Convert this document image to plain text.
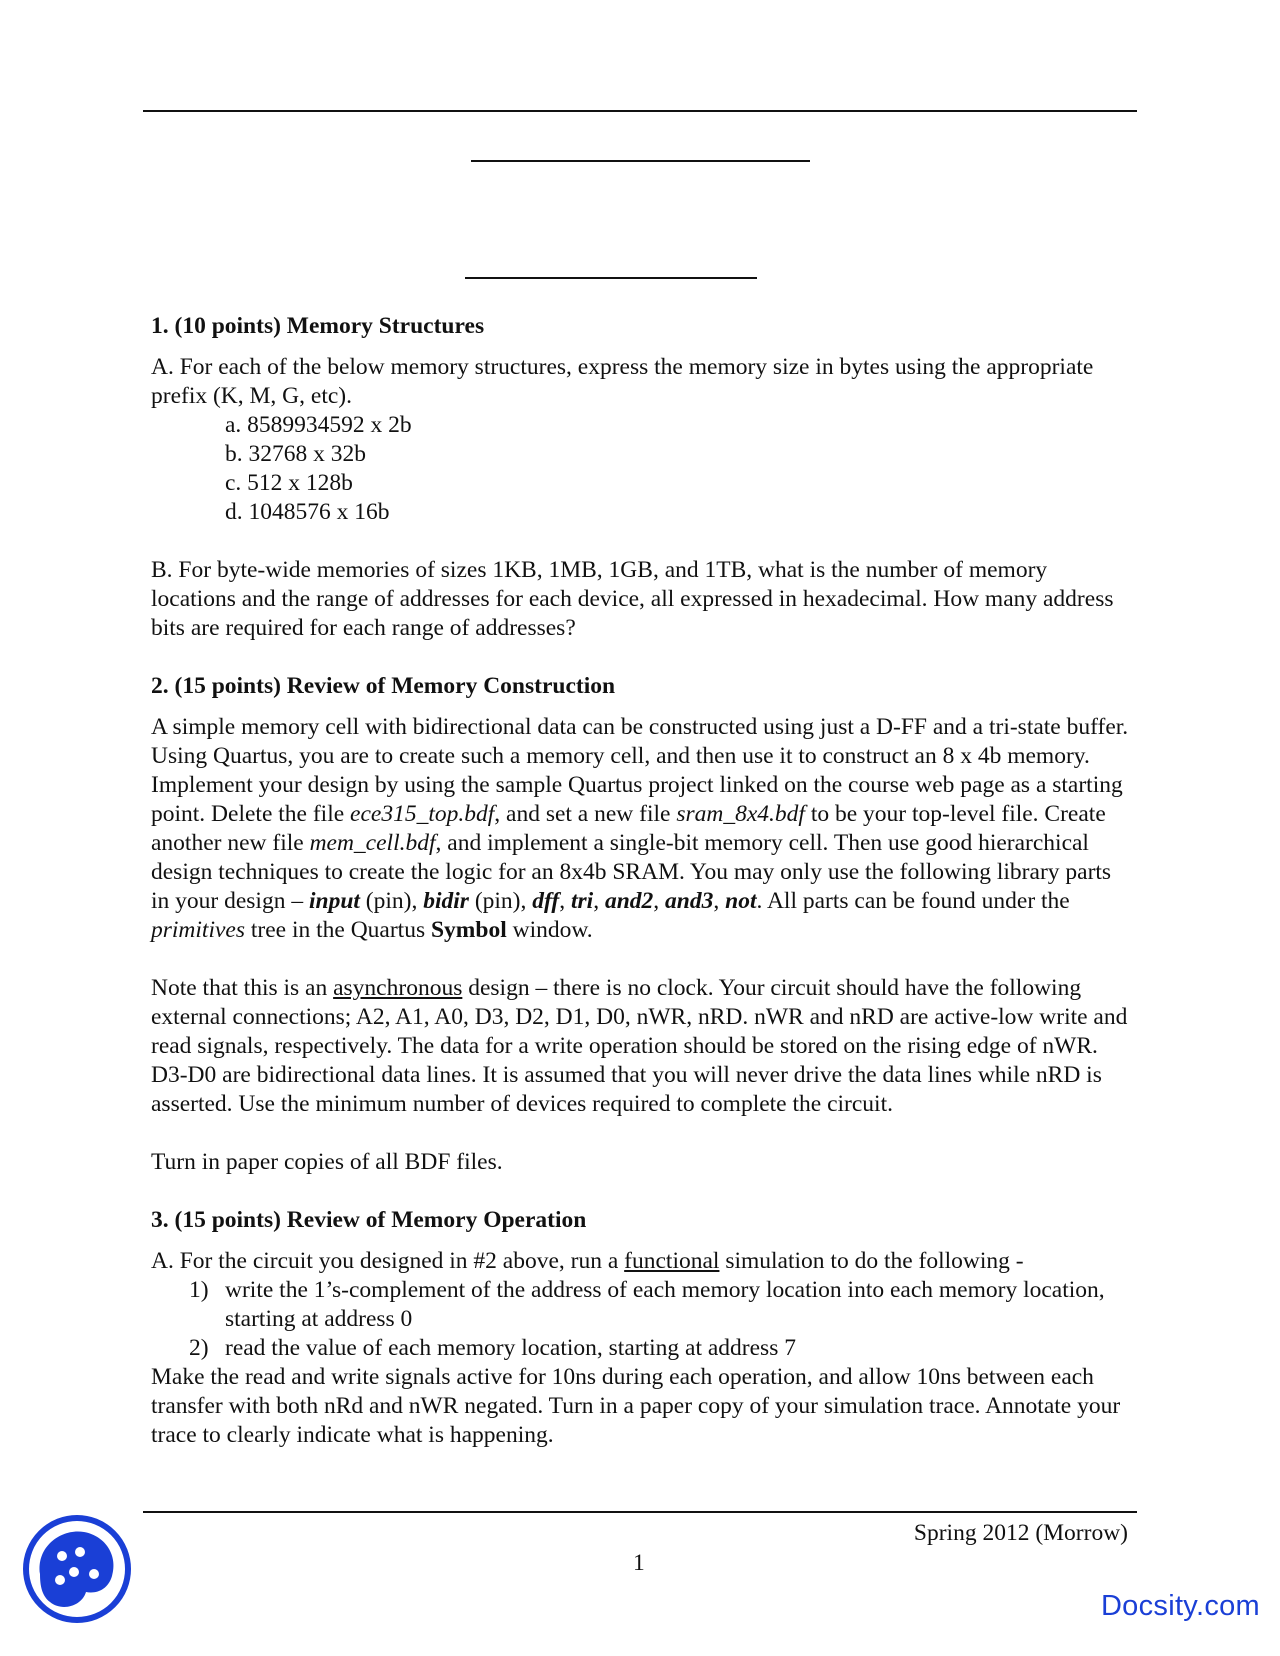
1. (10 points) Memory Structures

A. For each of the below memory structures, express the memory size in bytes using the appropriate prefix (K, M, G, etc).

a. 8589934592 x 2b
b. 32768 x 32b
c. 512 x 128b
d. 1048576 x 16b

B. For byte-wide memories of sizes 1KB, 1MB, 1GB, and 1TB, what is the number of memory locations and the range of addresses for each device, all expressed in hexadecimal. How many address bits are required for each range of addresses?

2. (15 points) Review of Memory Construction

A simple memory cell with bidirectional data can be constructed using just a D-FF and a tri-state buffer. Using Quartus, you are to create such a memory cell, and then use it to construct an 8 x 4b memory. Implement your design by using the sample Quartus project linked on the course web page as a starting point. Delete the file ece315_top.bdf, and set a new file sram_8x4.bdf to be your top-level file. Create another new file mem_cell.bdf, and implement a single-bit memory cell. Then use good hierarchical design techniques to create the logic for an 8x4b SRAM. You may only use the following library parts in your design – input (pin), bidir (pin), dff, tri, and2, and3, not. All parts can be found under the primitives tree in the Quartus Symbol window.

Note that this is an asynchronous design – there is no clock. Your circuit should have the following external connections; A2, A1, A0, D3, D2, D1, D0, nWR, nRD. nWR and nRD are active-low write and read signals, respectively. The data for a write operation should be stored on the rising edge of nWR. D3-D0 are bidirectional data lines. It is assumed that you will never drive the data lines while nRD is asserted. Use the minimum number of devices required to complete the circuit.

Turn in paper copies of all BDF files.

3. (15 points) Review of Memory Operation

A. For the circuit you designed in #2 above, run a functional simulation to do the following -

1) write the 1’s-complement of the address of each memory location into each memory location, starting at address 0
2) read the value of each memory location, starting at address 7

Make the read and write signals active for 10ns during each operation, and allow 10ns between each transfer with both nRd and nWR negated. Turn in a paper copy of your simulation trace. Annotate your trace to clearly indicate what is happening.

Spring 2012 (Morrow)
1
Docsity.com
